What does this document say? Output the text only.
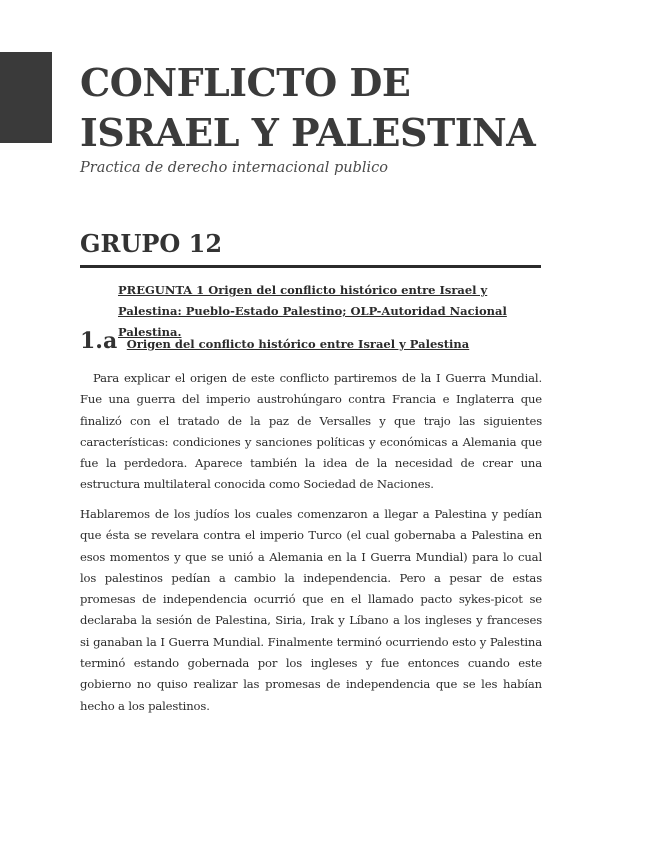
CONFLICTO DE
ISRAEL Y PALESTINA

Practica de derecho internacional publico

GRUPO 12

PREGUNTA 1 Origen del conflicto histórico entre Israel y Palestina: Pueblo-Estado Palestino; OLP-Autoridad Nacional Palestina.

1.a Origen del conflicto histórico entre Israel y Palestina

Para explicar el origen de este conflicto partiremos de la I Guerra Mundial. Fue una guerra del imperio austrohúngaro contra Francia e Inglaterra que finalizó con el tratado de la paz de Versalles y que trajo las siguientes características: condiciones y sanciones políticas y económicas a Alemania que fue la perdedora. Aparece también la idea de la necesidad de crear una estructura multilateral conocida como Sociedad de Naciones.

Hablaremos de los judíos los cuales comenzaron a llegar a Palestina y pedían que ésta se revelara contra el imperio Turco (el cual gobernaba a Palestina en esos momentos y que se unió a Alemania en la I Guerra Mundial) para lo cual los palestinos pedían a cambio la independencia. Pero a pesar de estas promesas de independencia ocurrió que en el llamado pacto sykes-picot se declaraba la sesión de Palestina, Siria, Irak y Líbano a los ingleses y franceses si ganaban la I Guerra Mundial. Finalmente terminó ocurriendo esto y Palestina terminó estando gobernada por los ingleses y fue entonces cuando este gobierno no quiso realizar las promesas de independencia que se les habían hecho a los palestinos.
